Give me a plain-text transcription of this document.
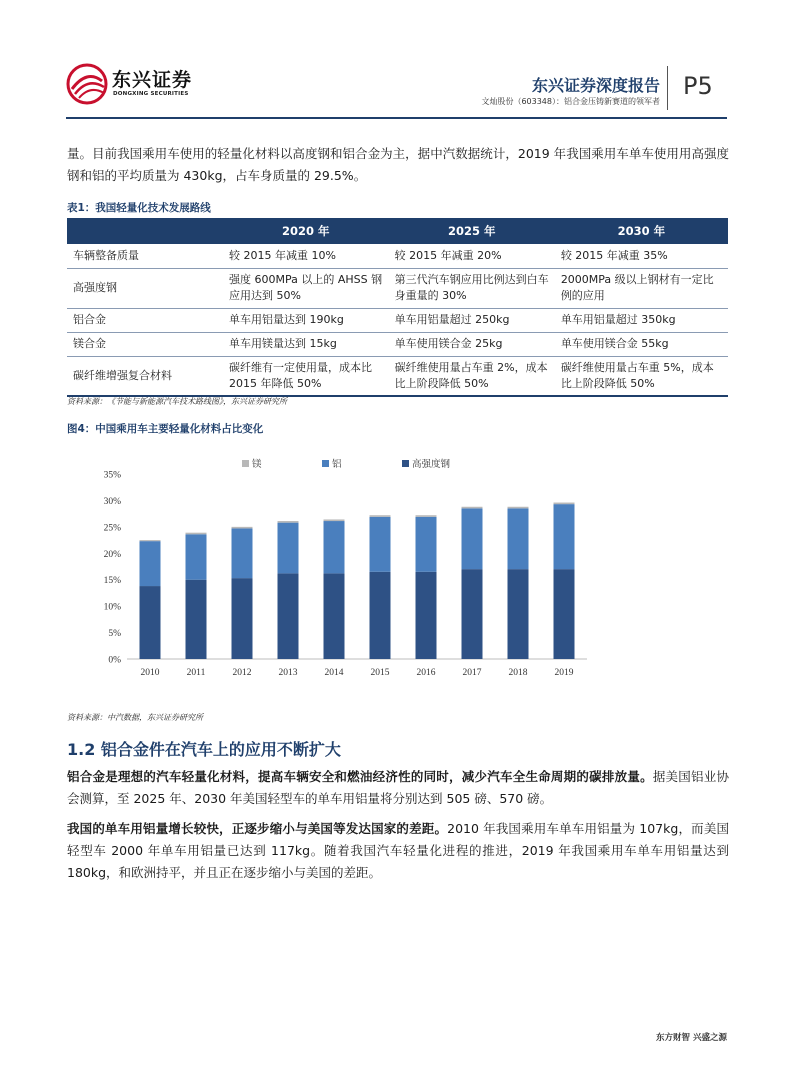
东兴证券
DONGXING SECURITIES	东兴证券深度报告
文灿股份（603348）：铝合金压铸新赛道的领军者
P5

量。目前我国乘用车使用的轻量化材料以高度钢和铝合金为主，据中汽数据统计，2019 年我国乘用车单车使用用高强度钢和铝的平均质量为 430kg，占车身质量的 29.5%。

表1：我国轻量化技术发展路线
	2020 年	2025 年	2030 年
车辆整备质量	较 2015 年减重 10%	较 2015 年减重 20%	较 2015 年减重 35%
高强度钢	强度 600MPa 以上的 AHSS 钢应用达到 50%	第三代汽车钢应用比例达到白车身重量的 30%	2000MPa 级以上钢材有一定比例的应用
铝合金	单车用铝量达到 190kg	单车用铝量超过 250kg	单车用铝量超过 350kg
镁合金	单车用镁量达到 15kg	单车使用镁合金 25kg	单车使用镁合金 55kg
碳纤维增强复合材料	碳纤维有一定使用量，成本比 2015 年降低 50%	碳纤维使用量占车重 2%，成本比上阶段降低 50%	碳纤维使用量占车重 5%，成本比上阶段降低 50%
资料来源：《节能与新能源汽车技术路线图》，东兴证券研究所
图4：中国乘用车主要轻量化材料占比变化
0%
5%
10%
15%
20%
25%
30%
35%
2010	2011	2012	2013	2014	2015	2016	2017	2018	2019
镁	铝	高强度钢
资料来源：中汽数据，东兴证券研究所
1.2 铝合金件在汽车上的应用不断扩大

铝合金是理想的汽车轻量化材料，提高车辆安全和燃油经济性的同时，减少汽车全生命周期的碳排放量。据美国铝业协会测算，至 2025 年、2030 年美国轻型车的单车用铝量将分别达到 505 磅、570 磅。

我国的单车用铝量增长较快，正逐步缩小与美国等发达国家的差距。2010 年我国乘用车单车用铝量为 107kg，而美国轻型车 2000 年单车用铝量已达到 117kg。随着我国汽车轻量化进程的推进，2019 年我国乘用车单车用铝量达到 180kg，和欧洲持平，并且正在逐步缩小与美国的差距。

东方财智 兴盛之源
